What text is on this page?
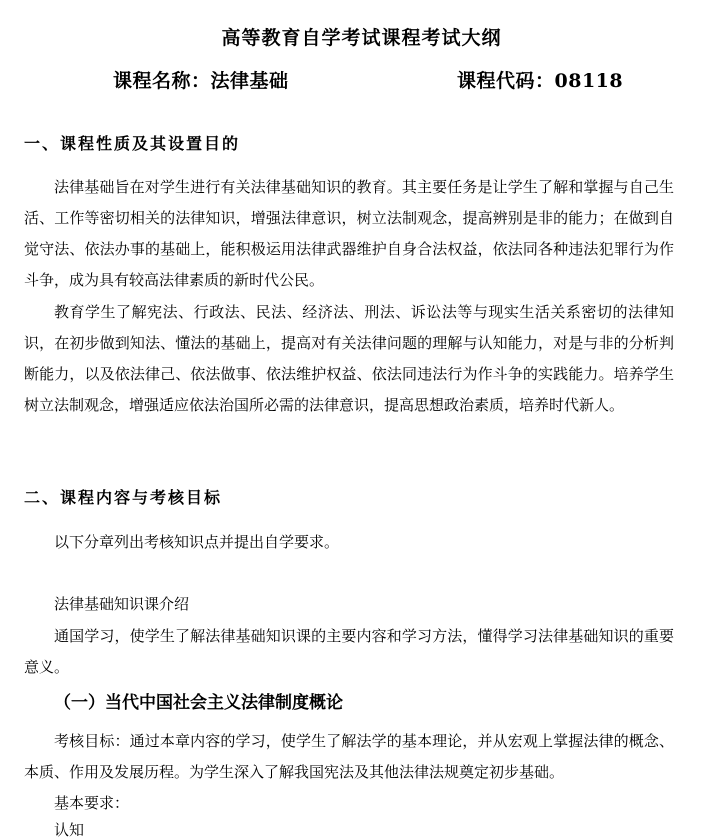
高等教育自学考试课程考试大纲
课程名称：法律基础	课程代码：08118
一、课程性质及其设置目的

法律基础旨在对学生进行有关法律基础知识的教育。其主要任务是让学生了解和掌握与自己生活、工作等密切相关的法律知识，增强法律意识，树立法制观念，提高辨别是非的能力；在做到自觉守法、依法办事的基础上，能积极运用法律武器维护自身合法权益，依法同各种违法犯罪行为作斗争，成为具有较高法律素质的新时代公民。

教育学生了解宪法、行政法、民法、经济法、刑法、诉讼法等与现实生活关系密切的法律知识，在初步做到知法、懂法的基础上，提高对有关法律问题的理解与认知能力，对是与非的分析判断能力，以及依法律己、依法做事、依法维护权益、依法同违法行为作斗争的实践能力。培养学生树立法制观念，增强适应依法治国所必需的法律意识，提高思想政治素质，培养时代新人。

二、课程内容与考核目标

以下分章列出考核知识点并提出自学要求。

法律基础知识课介绍

通国学习，使学生了解法律基础知识课的主要内容和学习方法，懂得学习法律基础知识的重要意义。

（一）当代中国社会主义法律制度概论

考核目标：通过本章内容的学习，使学生了解法学的基本理论，并从宏观上掌握法律的概念、本质、作用及发展历程。为学生深入了解我国宪法及其他法律法规奠定初步基础。

基本要求：

认知
